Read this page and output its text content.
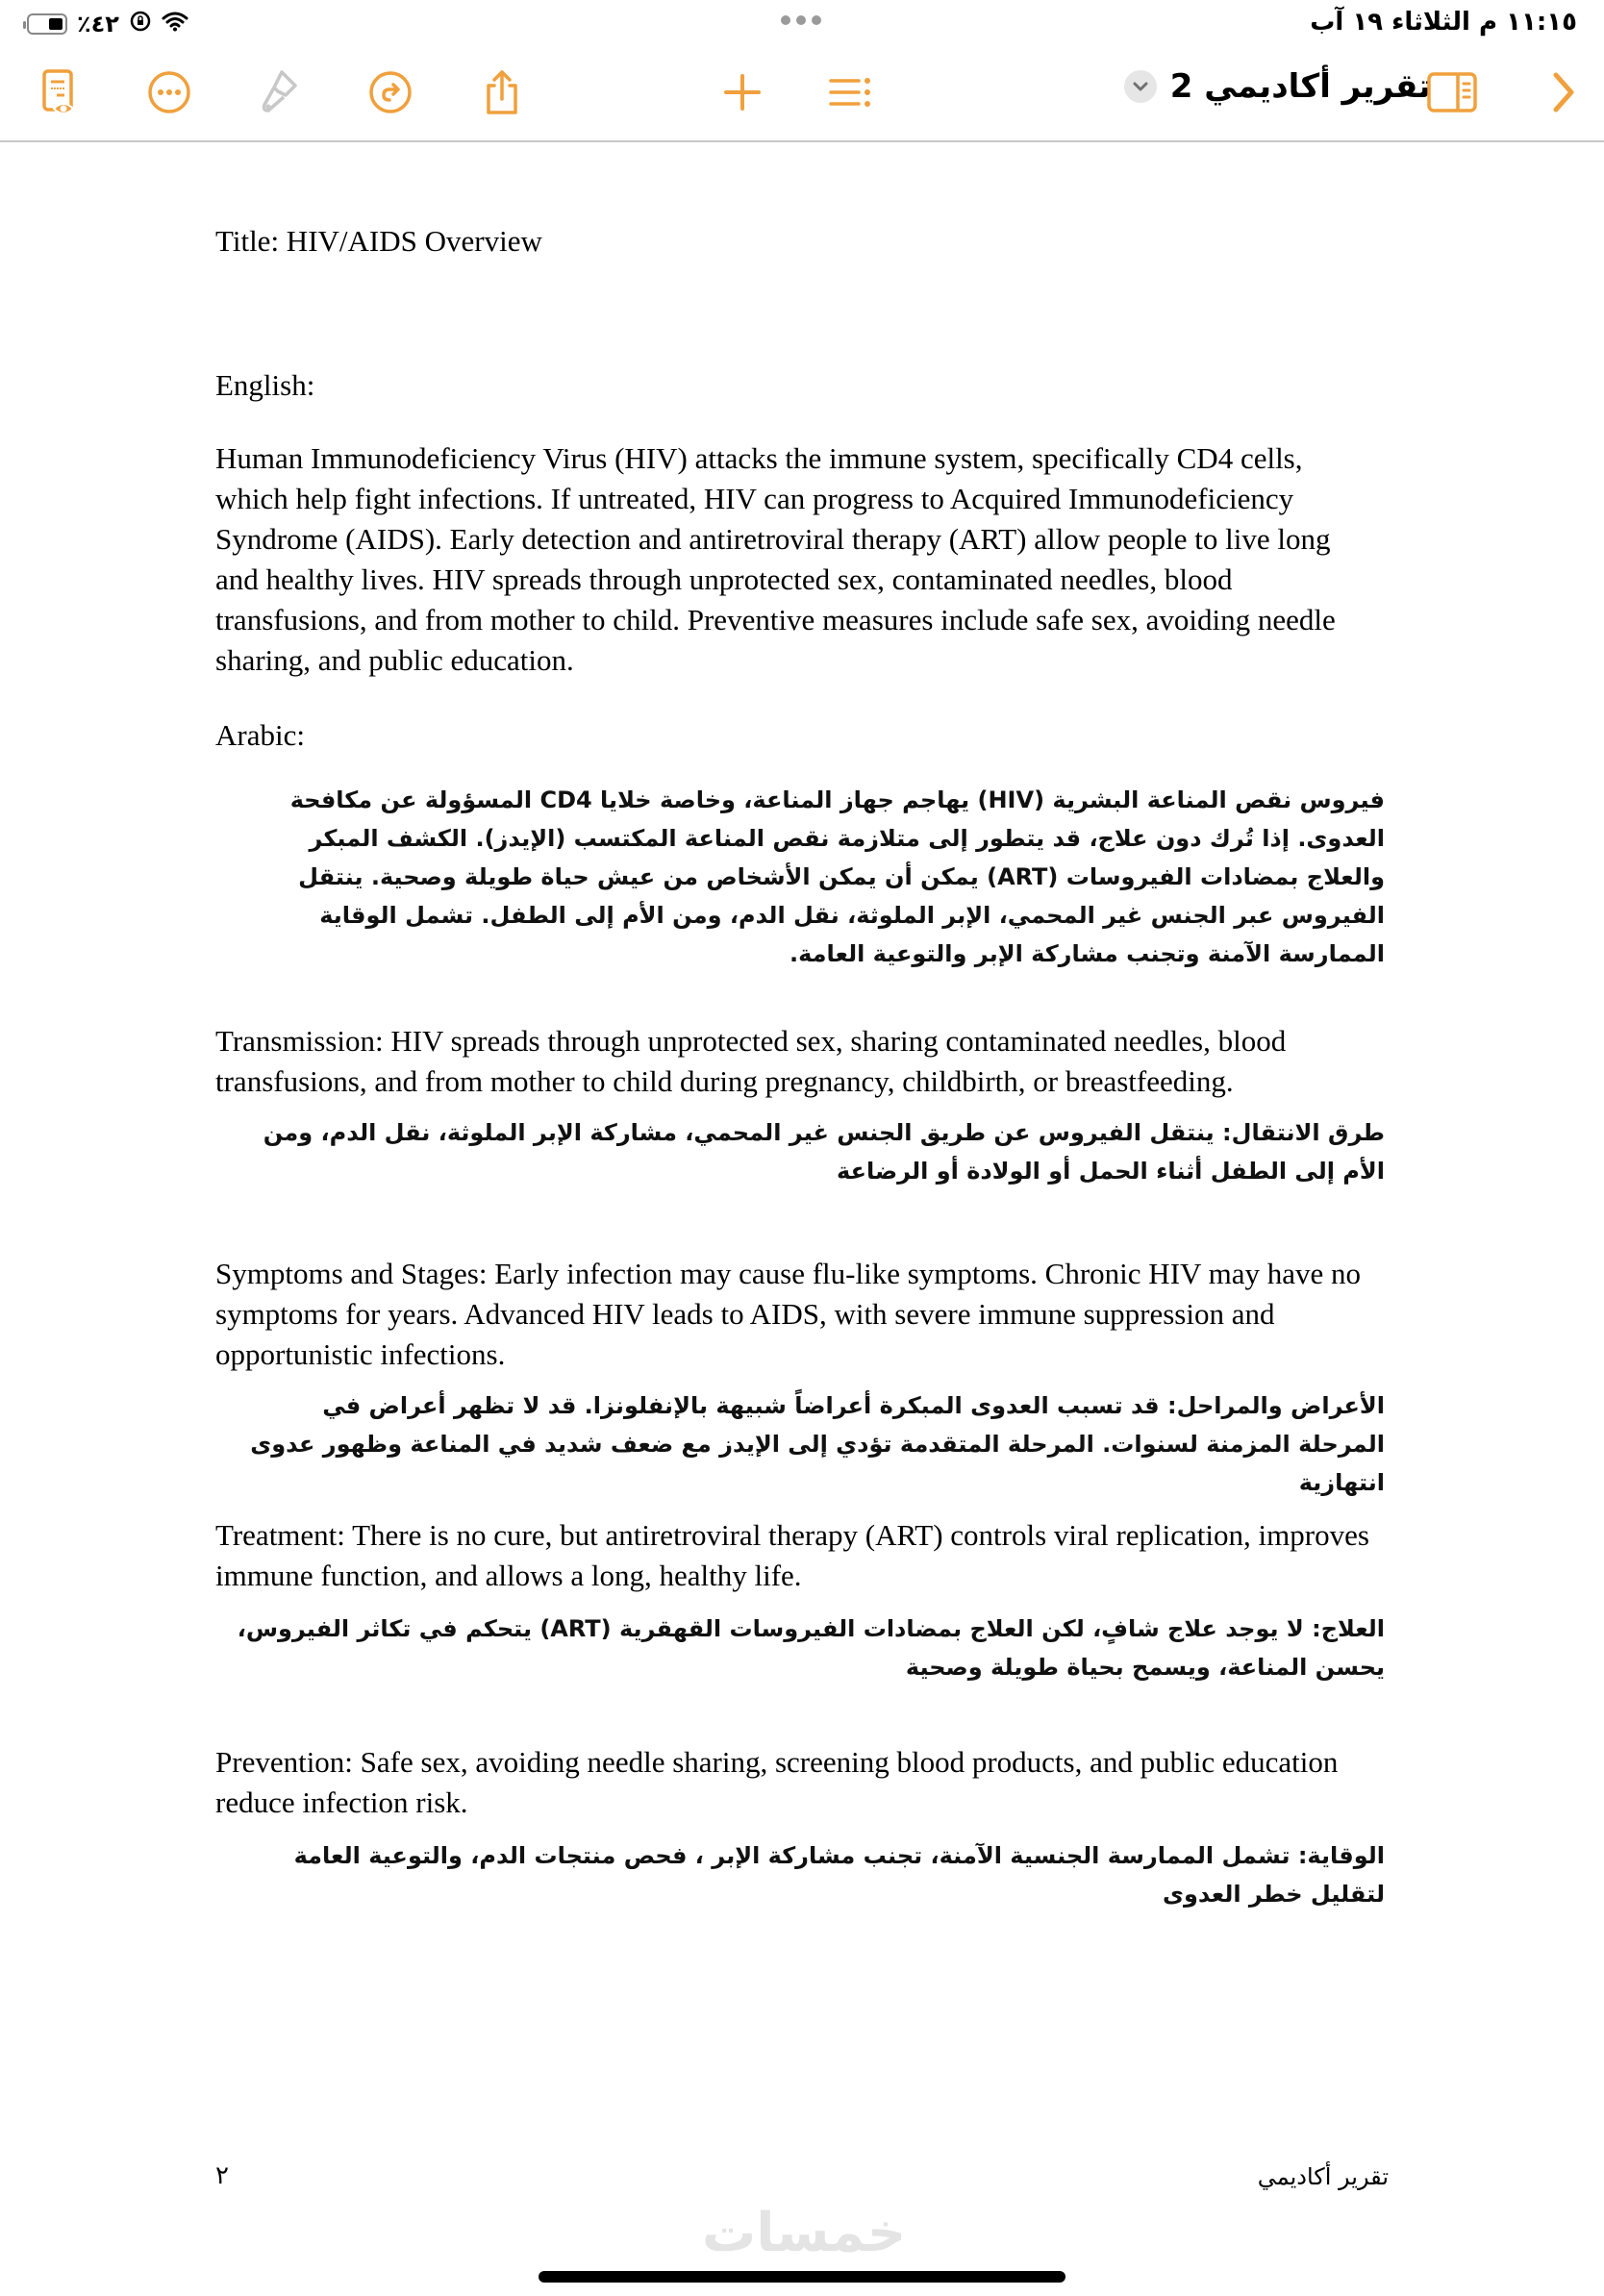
٪٤٢	١١:١٥ م الثلاثاء ١٩ آب
تقرير أكاديمي 2

Title: HIV/AIDS Overview

English:

Human Immunodeficiency Virus (HIV) attacks the immune system, specifically CD4 cells, which help fight infections. If untreated, HIV can progress to Acquired Immunodeficiency Syndrome (AIDS). Early detection and antiretroviral therapy (ART) allow people to live long and healthy lives. HIV spreads through unprotected sex, contaminated needles, blood transfusions, and from mother to child. Preventive measures include safe sex, avoiding needle sharing, and public education.

Arabic:

فيروس نقص المناعة البشرية (HIV) يهاجم جهاز المناعة، وخاصة خلايا CD4 المسؤولة عن مكافحة العدوى. إذا تُرك دون علاج، قد يتطور إلى متلازمة نقص المناعة المكتسب (الإيدز). الكشف المبكر والعلاج بمضادات الفيروسات (ART) يمكن أن يمكن الأشخاص من عيش حياة طويلة وصحية. ينتقل الفيروس عبر الجنس غير المحمي، الإبر الملوثة، نقل الدم، ومن الأم إلى الطفل. تشمل الوقاية الممارسة الآمنة وتجنب مشاركة الإبر والتوعية العامة.

Transmission: HIV spreads through unprotected sex, sharing contaminated needles, blood transfusions, and from mother to child during pregnancy, childbirth, or breastfeeding.

طرق الانتقال: ينتقل الفيروس عن طريق الجنس غير المحمي، مشاركة الإبر الملوثة، نقل الدم، ومن الأم إلى الطفل أثناء الحمل أو الولادة أو الرضاعة

Symptoms and Stages: Early infection may cause flu-like symptoms. Chronic HIV may have no symptoms for years. Advanced HIV leads to AIDS, with severe immune suppression and opportunistic infections.

الأعراض والمراحل: قد تسبب العدوى المبكرة أعراضاً شبيهة بالإنفلونزا. قد لا تظهر أعراض في المرحلة المزمنة لسنوات. المرحلة المتقدمة تؤدي إلى الإيدز مع ضعف شديد في المناعة وظهور عدوى انتهازية

Treatment: There is no cure, but antiretroviral therapy (ART) controls viral replication, improves immune function, and allows a long, healthy life.

العلاج: لا يوجد علاج شافٍ، لكن العلاج بمضادات الفيروسات القهقرية (ART) يتحكم في تكاثر الفيروس، يحسن المناعة، ويسمح بحياة طويلة وصحية

Prevention: Safe sex, avoiding needle sharing, screening blood products, and public education reduce infection risk.

الوقاية: تشمل الممارسة الجنسية الآمنة، تجنب مشاركة الإبر ، فحص منتجات الدم، والتوعية العامة لتقليل خطر العدوى

٢	تقرير أكاديمي
خمسات
